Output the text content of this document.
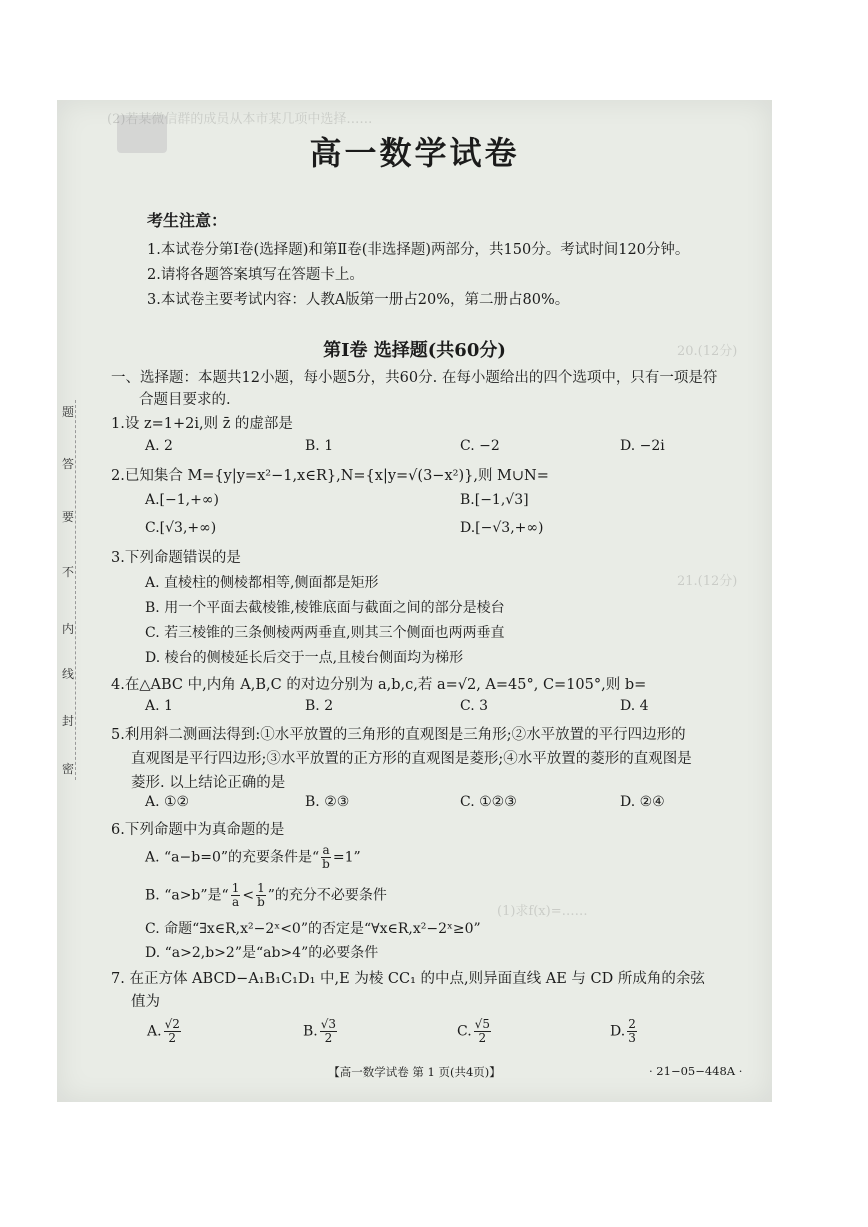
(2)若某微信群的成员从本市某几项中选择……
20.(12分)
21.(12分)
(1)求f(x)=……
高一数学试卷
考生注意：
1.本试卷分第Ⅰ卷(选择题)和第Ⅱ卷(非选择题)两部分，共150分。考试时间120分钟。
2.请将各题答案填写在答题卡上。
3.本试卷主要考试内容：人教A版第一册占20%，第二册占80%。
第Ⅰ卷 选择题(共60分)
一、选择题：本题共12小题，每小题5分，共60分. 在每小题给出的四个选项中，只有一项是符
合题目要求的.
1.设 z=1+2i,则 z̄ 的虚部是
A. 2	B. 1	C. −2	D. −2i
2.已知集合 M={y|y=x²−1,x∈R},N={x|y=√(3−x²)},则 M∪N=
A.[−1,+∞)	B.[−1,√3]
C.[√3,+∞)	D.[−√3,+∞)
3.下列命题错误的是
A. 直棱柱的侧棱都相等,侧面都是矩形
B. 用一个平面去截棱锥,棱锥底面与截面之间的部分是棱台
C. 若三棱锥的三条侧棱两两垂直,则其三个侧面也两两垂直
D. 棱台的侧棱延长后交于一点,且棱台侧面均为梯形
4.在△ABC 中,内角 A,B,C 的对边分别为 a,b,c,若 a=√2, A=45°, C=105°,则 b=
A. 1	B. 2	C. 3	D. 4
5.利用斜二测画法得到:①水平放置的三角形的直观图是三角形;②水平放置的平行四边形的
直观图是平行四边形;③水平放置的正方形的直观图是菱形;④水平放置的菱形的直观图是
菱形. 以上结论正确的是
A. ①②	B. ②③	C. ①②③	D. ②④
6.下列命题中为真命题的是
A. “a−b=0”的充要条件是“ $\frac{a}{b} =1$”
B. “a>b”是“ $\frac{1}{a} < \frac{1}{b}$ ”的充分不必要条件
C. 命题“∃x∈R,x²−2ˣ<0”的否定是“∀x∈R,x²−2ˣ≥0”
D. “a>2,b>2”是“ab>4”的必要条件
7. 在正方体 ABCD−A₁B₁C₁D₁ 中,E 为棱 CC₁ 的中点,则异面直线 AE 与 CD 所成角的余弦
值为
A. $\frac{√2}{2}$	B. $\frac{√3}{2}$	C. $\frac{√5}{2}$	D. $\frac{2}{3}$
【高一数学试卷 第 1 页(共4页)】	· 21−05−448A ·
密
封
线
内
不
要
答
题
